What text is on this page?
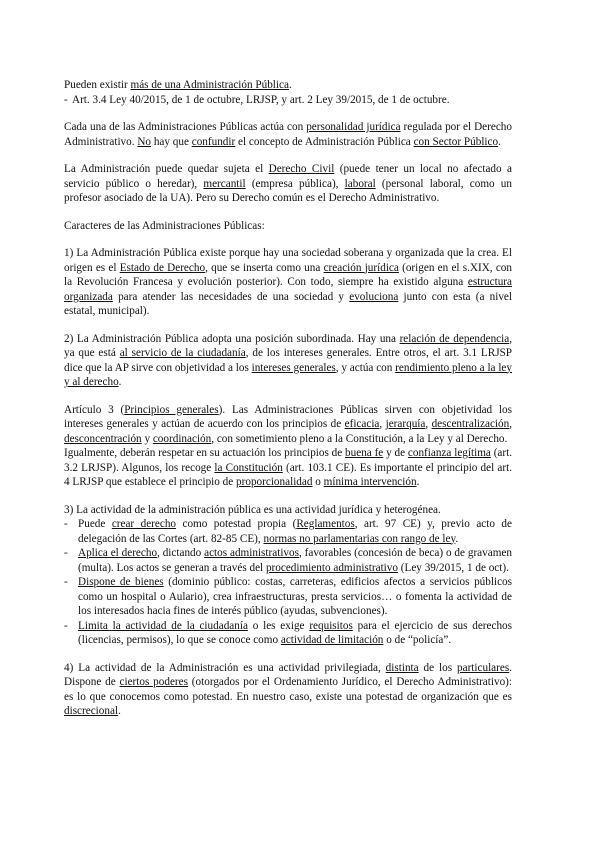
Pueden existir más de una Administración Pública.

- Art. 3.4 Ley 40/2015, de 1 de octubre, LRJSP, y art. 2 Ley 39/2015, de 1 de octubre.

Cada una de las Administraciones Públicas actúa con personalidad jurídica regulada por el Derecho Administrativo. No hay que confundir el concepto de Administración Pública con Sector Público.

La Administración puede quedar sujeta el Derecho Civil (puede tener un local no afectado a servicio público o heredar), mercantil (empresa pública), laboral (personal laboral, como un profesor asociado de la UA). Pero su Derecho común es el Derecho Administrativo.

Caracteres de las Administraciones Públicas:

1) La Administración Pública existe porque hay una sociedad soberana y organizada que la crea. El origen es el Estado de Derecho, que se inserta como una creación jurídica (origen en el s.XIX, con la Revolución Francesa y evolución posterior). Con todo, siempre ha existido alguna estructura organizada para atender las necesidades de una sociedad y evoluciona junto con esta (a nivel estatal, municipal).

2) La Administración Pública adopta una posición subordinada. Hay una relación de dependencia, ya que está al servicio de la ciudadanía, de los intereses generales. Entre otros, el art. 3.1 LRJSP dice que la AP sirve con objetividad a los intereses generales, y actúa con rendimiento pleno a la ley y al derecho.

Artículo 3 (Principios generales). Las Administraciones Públicas sirven con objetividad los intereses generales y actúan de acuerdo con los principios de eficacia, jerarquía, descentralización, desconcentración y coordinación, con sometimiento pleno a la Constitución, a la Ley y al Derecho.

Igualmente, deberán respetar en su actuación los principios de buena fe y de confianza legítima (art. 3.2 LRJSP). Algunos, los recoge la Constitución (art. 103.1 CE). Es importante el principio del art. 4 LRJSP que establece el principio de proporcionalidad o mínima intervención.

3) La actividad de la administración pública es una actividad jurídica y heterogénea.

- Puede crear derecho como potestad propia (Reglamentos, art. 97 CE) y, previo acto de delegación de las Cortes (art. 82-85 CE), normas no parlamentarias con rango de ley.
- Aplica el derecho, dictando actos administrativos, favorables (concesión de beca) o de gravamen (multa). Los actos se generan a través del procedimiento administrativo (Ley 39/2015, 1 de oct).
- Dispone de bienes (dominio público: costas, carreteras, edificios afectos a servicios públicos como un hospital o Aulario), crea infraestructuras, presta servicios… o fomenta la actividad de los interesados hacia fines de interés público (ayudas, subvenciones).
- Limita la actividad de la ciudadanía o les exige requisitos para el ejercicio de sus derechos (licencias, permisos), lo que se conoce como actividad de limitación o de “policía”.

4) La actividad de la Administración es una actividad privilegiada, distinta de los particulares. Dispone de ciertos poderes (otorgados por el Ordenamiento Jurídico, el Derecho Administrativo): es lo que conocemos como potestad. En nuestro caso, existe una potestad de organización que es discrecional.
